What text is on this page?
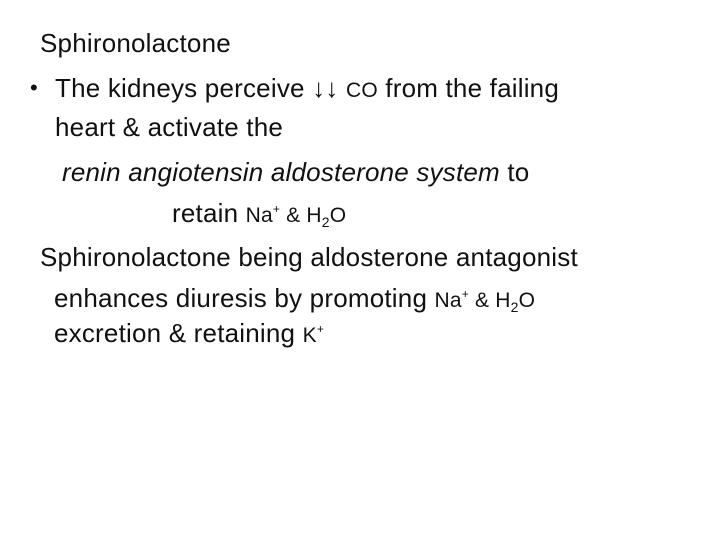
Sphironolactone
• The kidneys perceive ↓↓ CO from the failing
heart & activate the
renin angiotensin aldosterone system to
retain Na+ & $H_2O$
Sphironolactone being aldosterone antagonist
enhances diuresis by promoting Na+ & $H_2O$
excretion & retaining K+
